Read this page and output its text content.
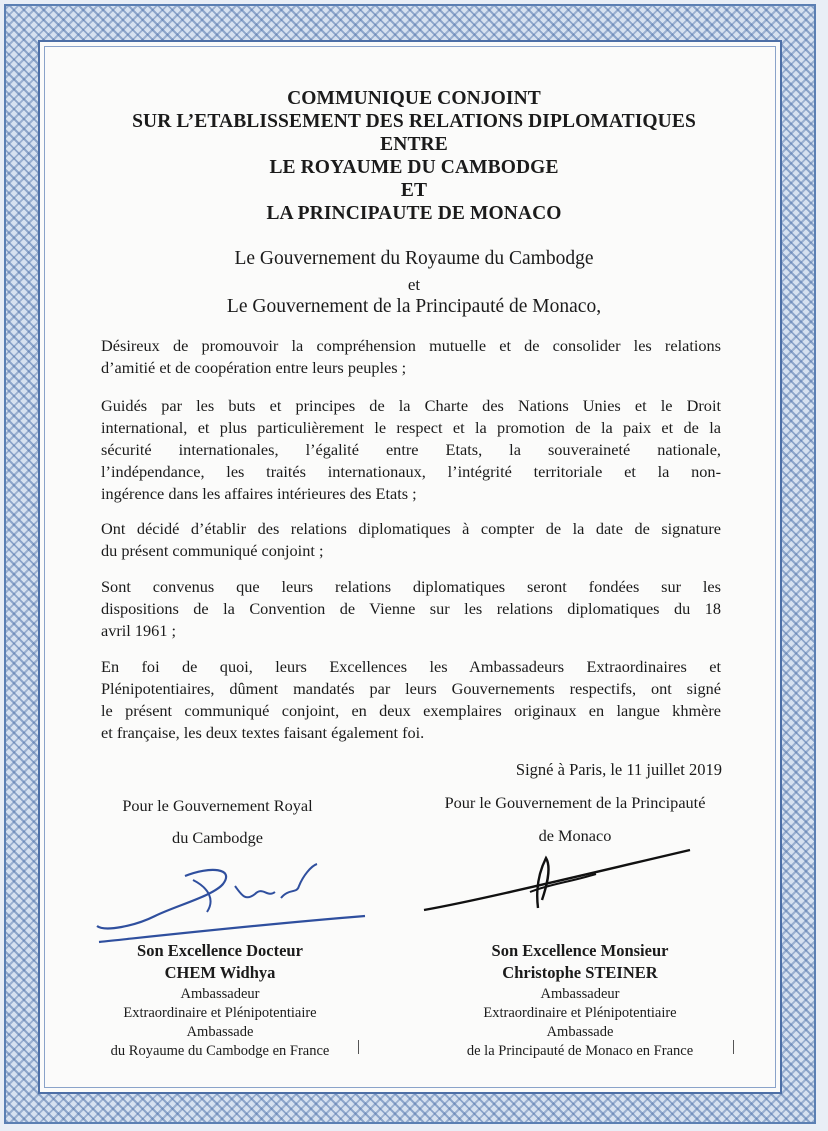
COMMUNIQUE CONJOINT
SUR L’ETABLISSEMENT DES RELATIONS DIPLOMATIQUES
ENTRE
LE ROYAUME DU CAMBODGE
ET
LA PRINCIPAUTE DE MONACO
Le Gouvernement du Royaume du Cambodge
et
Le Gouvernement de la Principauté de Monaco,
Désireux de promouvoir la compréhension mutuelle et de consolider les relations
d’amitié et de coopération entre leurs peuples ;
Guidés par les buts et principes de la Charte des Nations Unies et le Droit
international, et plus particulièrement le respect et la promotion de la paix et de la
sécurité internationales, l’égalité entre Etats, la souveraineté nationale,
l’indépendance, les traités internationaux, l’intégrité territoriale et la non-
ingérence dans les affaires intérieures des Etats ;
Ont décidé d’établir des relations diplomatiques à compter de la date de signature
du présent communiqué conjoint ;
Sont convenus que leurs relations diplomatiques seront fondées sur les
dispositions de la Convention de Vienne sur les relations diplomatiques du 18
avril 1961 ;
En foi de quoi, leurs Excellences les Ambassadeurs Extraordinaires et
Plénipotentiaires, dûment mandatés par leurs Gouvernements respectifs, ont signé
le présent communiqué conjoint, en deux exemplaires originaux en langue khmère
et française, les deux textes faisant également foi.
Signé à Paris, le 11 juillet 2019
Pour le Gouvernement Royal
du Cambodge
Pour le Gouvernement de la Principauté
de Monaco
Son Excellence Docteur
CHEM Widhya
Ambassadeur
Extraordinaire et Plénipotentiaire
Ambassade
du Royaume du Cambodge en France
Son Excellence Monsieur
Christophe STEINER
Ambassadeur
Extraordinaire et Plénipotentiaire
Ambassade
de la Principauté de Monaco en France
